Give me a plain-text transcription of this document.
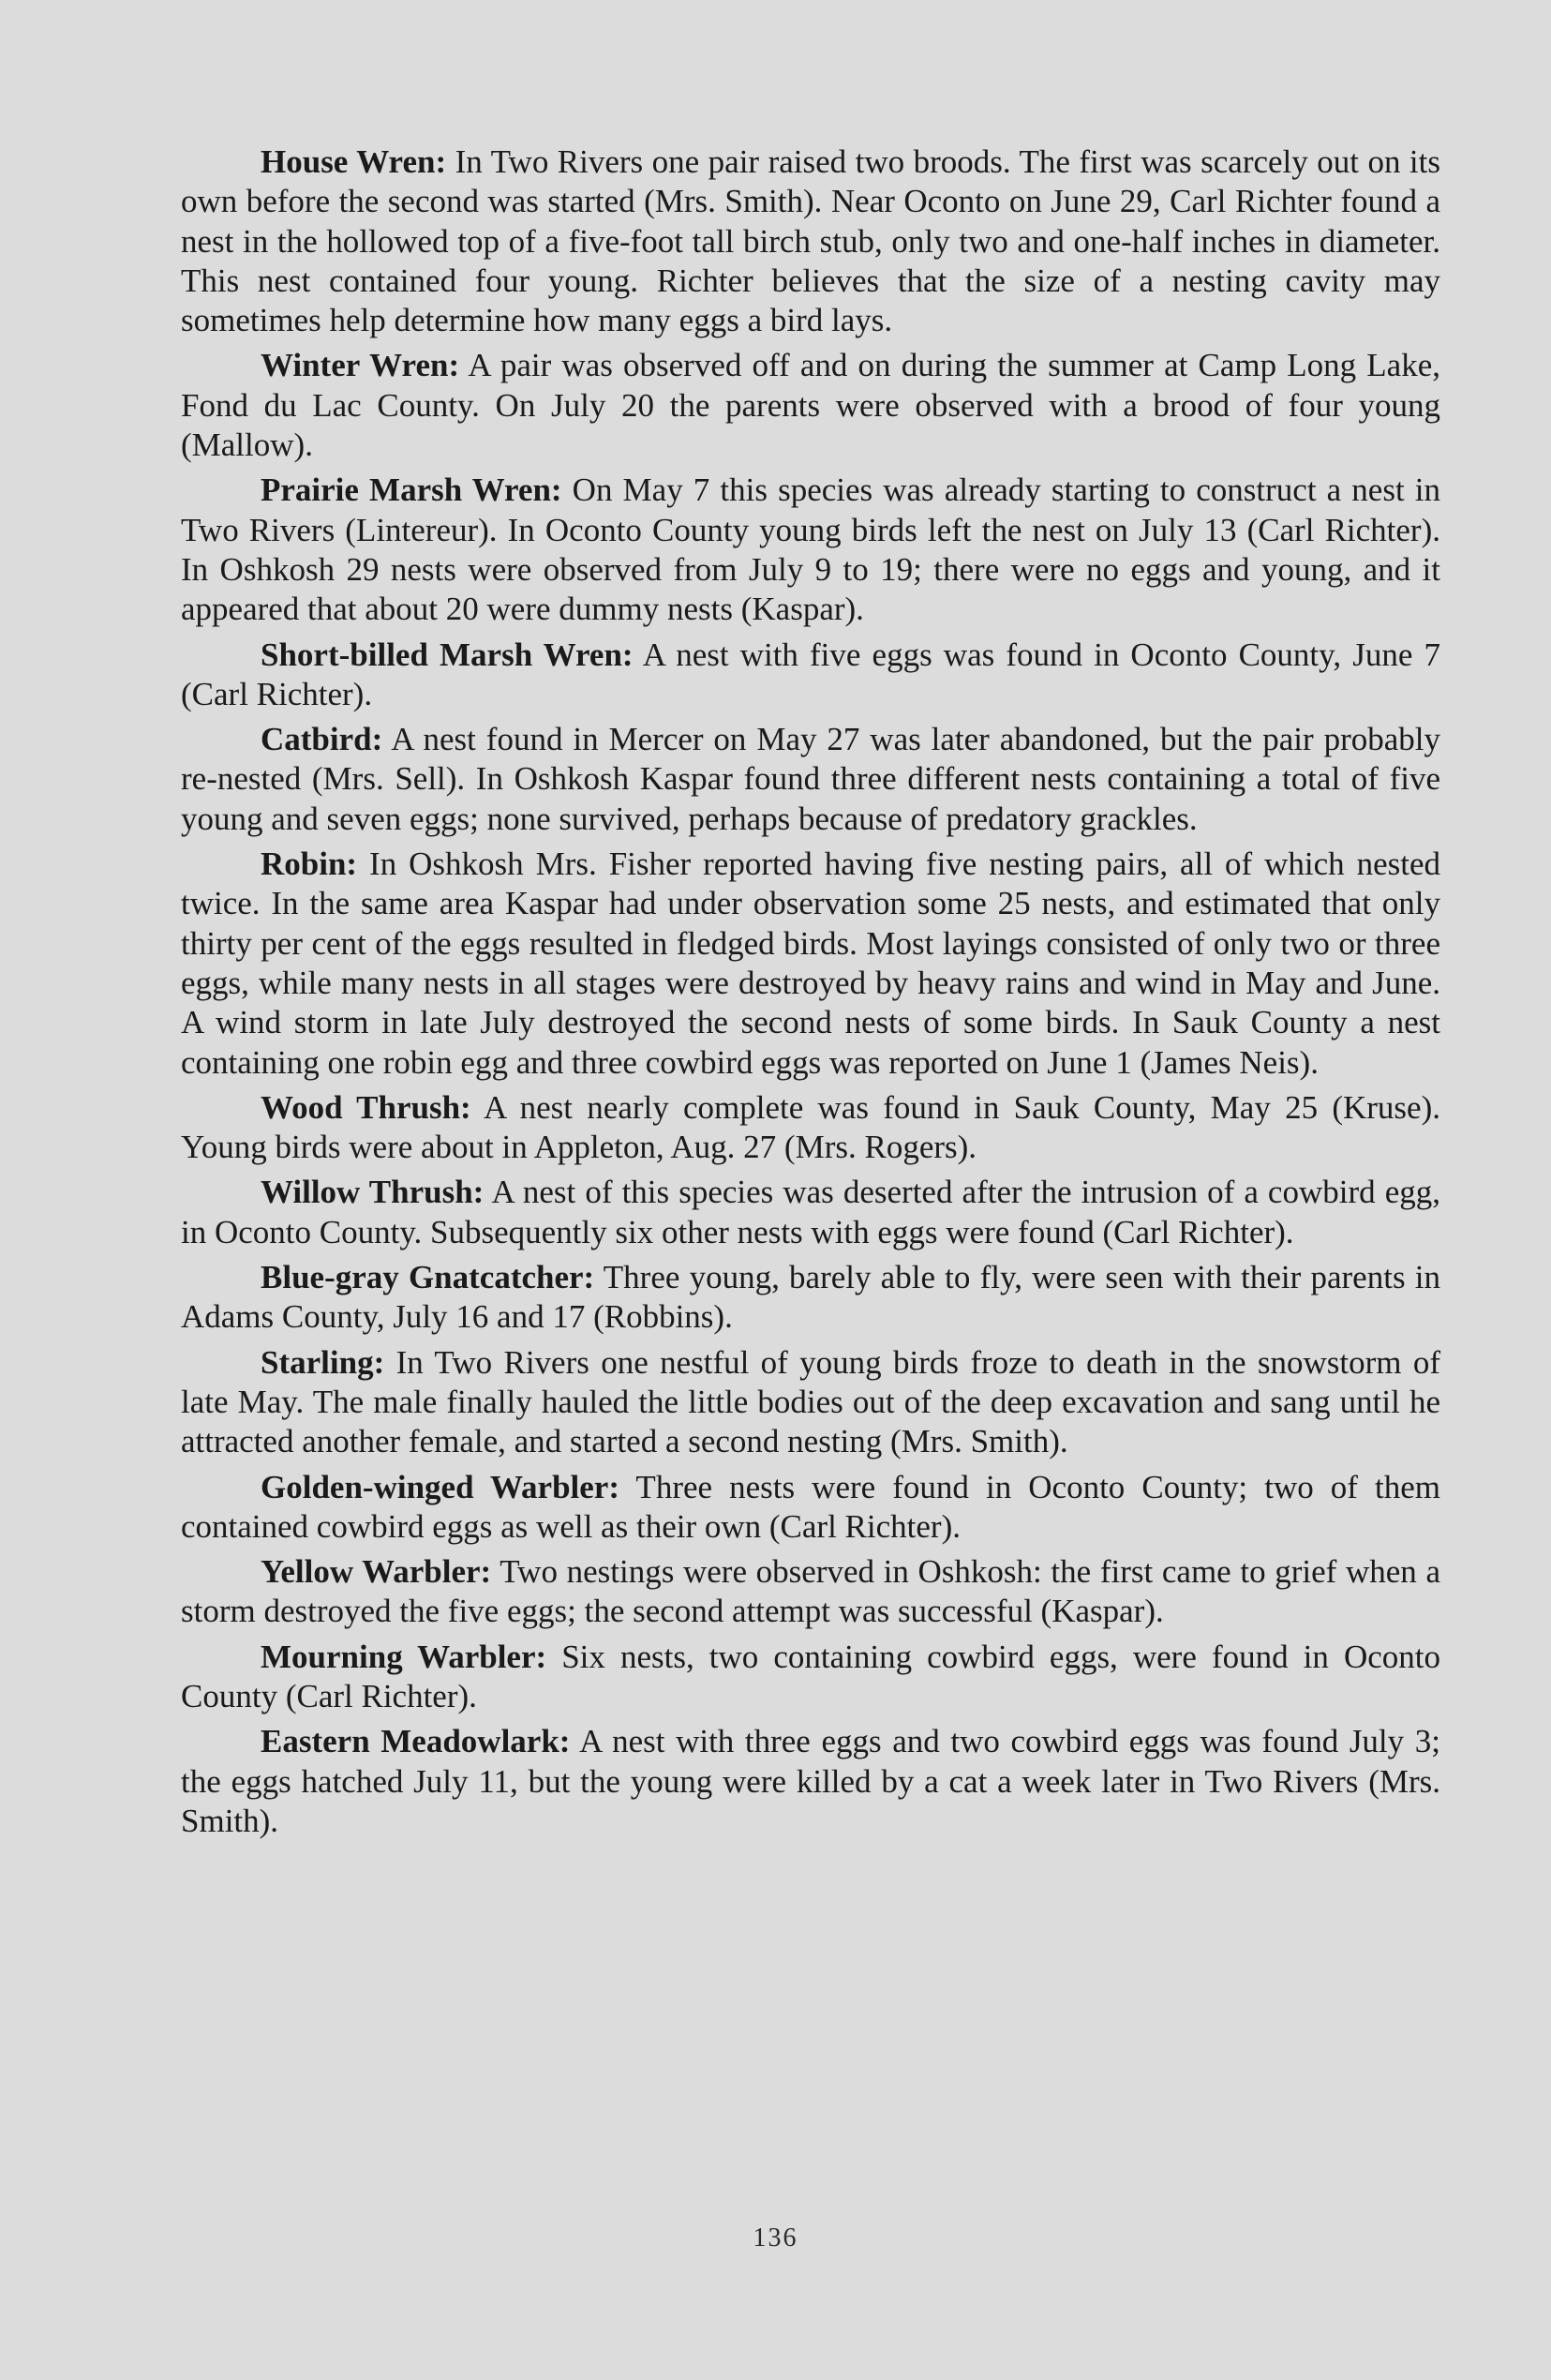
House Wren: In Two Rivers one pair raised two broods. The first was scarcely out on its own before the second was started (Mrs. Smith). Near Oconto on June 29, Carl Richter found a nest in the hollowed top of a five-foot tall birch stub, only two and one-half inches in diameter. This nest contained four young. Richter believes that the size of a nesting cavity may sometimes help determine how many eggs a bird lays.

Winter Wren: A pair was observed off and on during the summer at Camp Long Lake, Fond du Lac County. On July 20 the parents were observed with a brood of four young (Mallow).

Prairie Marsh Wren: On May 7 this species was already starting to construct a nest in Two Rivers (Lintereur). In Oconto County young birds left the nest on July 13 (Carl Richter). In Oshkosh 29 nests were observed from July 9 to 19; there were no eggs and young, and it appeared that about 20 were dummy nests (Kaspar).

Short-billed Marsh Wren: A nest with five eggs was found in Oconto County, June 7 (Carl Richter).

Catbird: A nest found in Mercer on May 27 was later abandoned, but the pair probably re-nested (Mrs. Sell). In Oshkosh Kaspar found three different nests containing a total of five young and seven eggs; none survived, perhaps because of predatory grackles.

Robin: In Oshkosh Mrs. Fisher reported having five nesting pairs, all of which nested twice. In the same area Kaspar had under observation some 25 nests, and estimated that only thirty per cent of the eggs resulted in fledged birds. Most layings consisted of only two or three eggs, while many nests in all stages were destroyed by heavy rains and wind in May and June. A wind storm in late July destroyed the second nests of some birds. In Sauk County a nest containing one robin egg and three cowbird eggs was reported on June 1 (James Neis).

Wood Thrush: A nest nearly complete was found in Sauk County, May 25 (Kruse). Young birds were about in Appleton, Aug. 27 (Mrs. Rogers).

Willow Thrush: A nest of this species was deserted after the intrusion of a cowbird egg, in Oconto County. Subsequently six other nests with eggs were found (Carl Richter).

Blue-gray Gnatcatcher: Three young, barely able to fly, were seen with their parents in Adams County, July 16 and 17 (Robbins).

Starling: In Two Rivers one nestful of young birds froze to death in the snowstorm of late May. The male finally hauled the little bodies out of the deep excavation and sang until he attracted another female, and started a second nesting (Mrs. Smith).

Golden-winged Warbler: Three nests were found in Oconto County; two of them contained cowbird eggs as well as their own (Carl Richter).

Yellow Warbler: Two nestings were observed in Oshkosh: the first came to grief when a storm destroyed the five eggs; the second attempt was successful (Kaspar).

Mourning Warbler: Six nests, two containing cowbird eggs, were found in Oconto County (Carl Richter).

Eastern Meadowlark: A nest with three eggs and two cowbird eggs was found July 3; the eggs hatched July 11, but the young were killed by a cat a week later in Two Rivers (Mrs. Smith).

136
